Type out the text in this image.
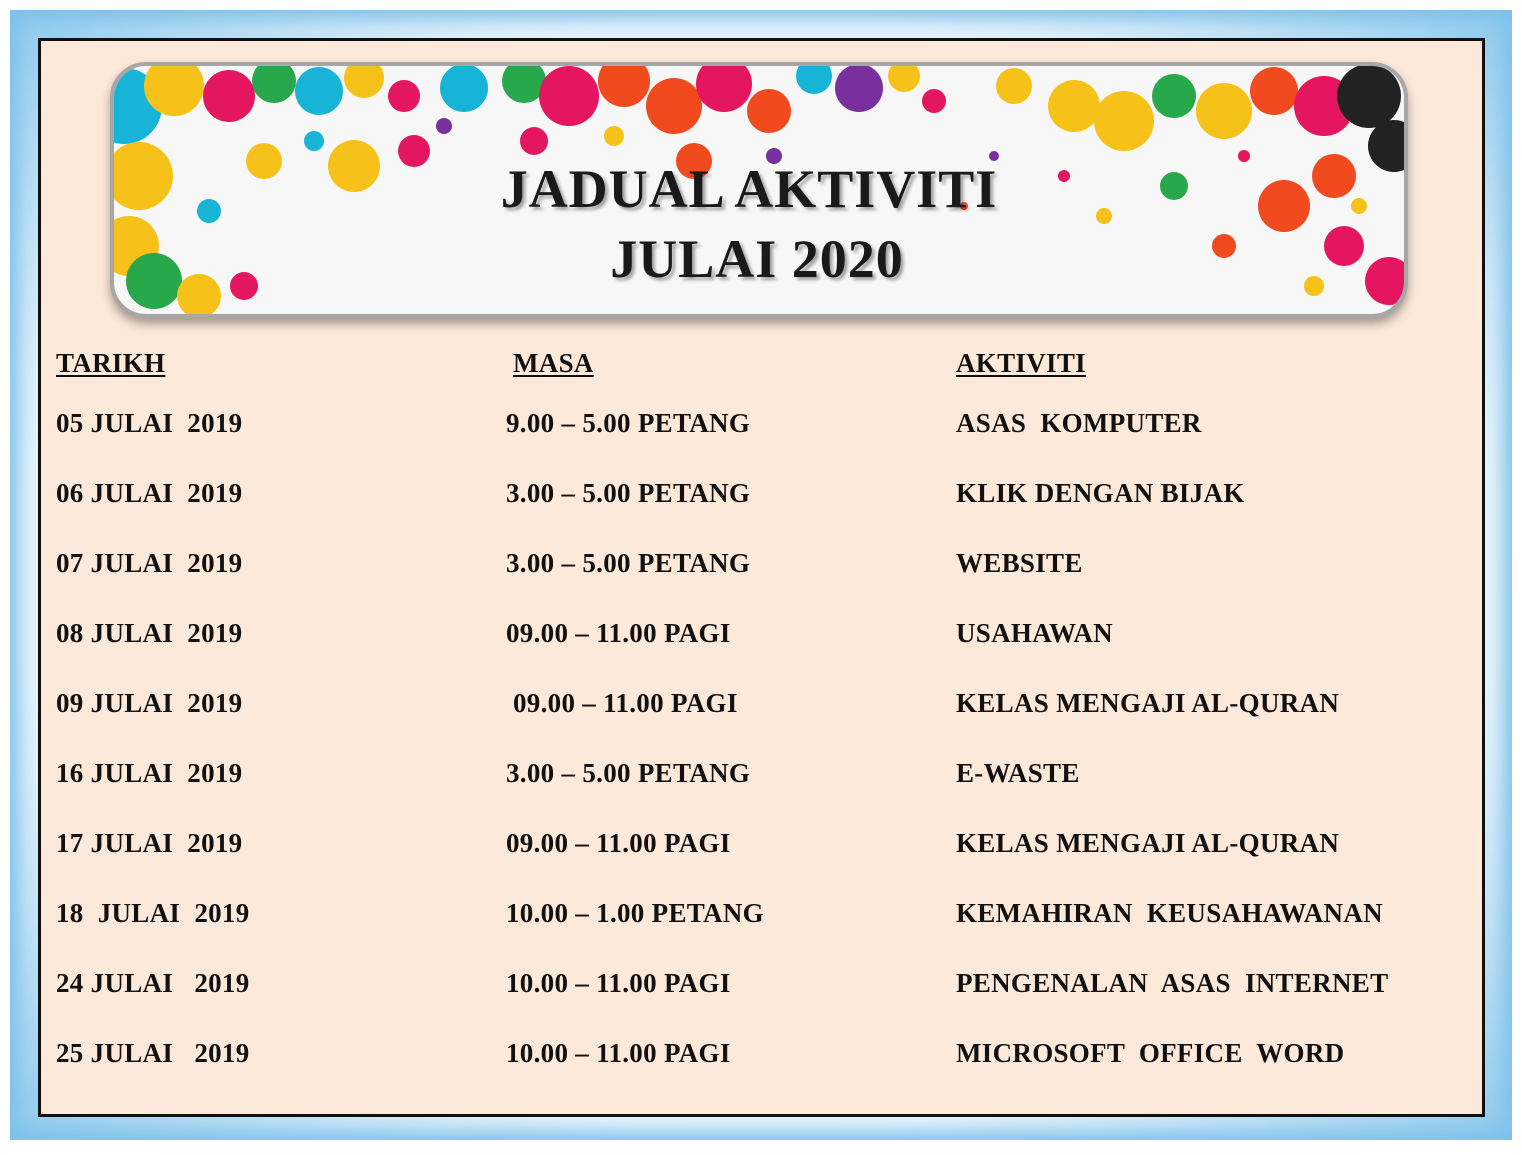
JADUAL AKTIVITI
JULAI 2020
TARIKH	MASA	AKTIVITI
05 JULAI  2019	9.00 – 5.00 PETANG	ASAS  KOMPUTER
06 JULAI  2019	3.00 – 5.00 PETANG	KLIK DENGAN BIJAK
07 JULAI  2019	3.00 – 5.00 PETANG	WEBSITE
08 JULAI  2019	09.00 – 11.00 PAGI	USAHAWAN
09 JULAI  2019	09.00 – 11.00 PAGI	KELAS MENGAJI AL-QURAN
16 JULAI  2019	3.00 – 5.00 PETANG	E-WASTE
17 JULAI  2019	09.00 – 11.00 PAGI	KELAS MENGAJI AL-QURAN
18  JULAI  2019	10.00 – 1.00 PETANG	KEMAHIRAN  KEUSAHAWANAN
24 JULAI   2019	10.00 – 11.00 PAGI	PENGENALAN  ASAS  INTERNET
25 JULAI   2019	10.00 – 11.00 PAGI	MICROSOFT  OFFICE  WORD
